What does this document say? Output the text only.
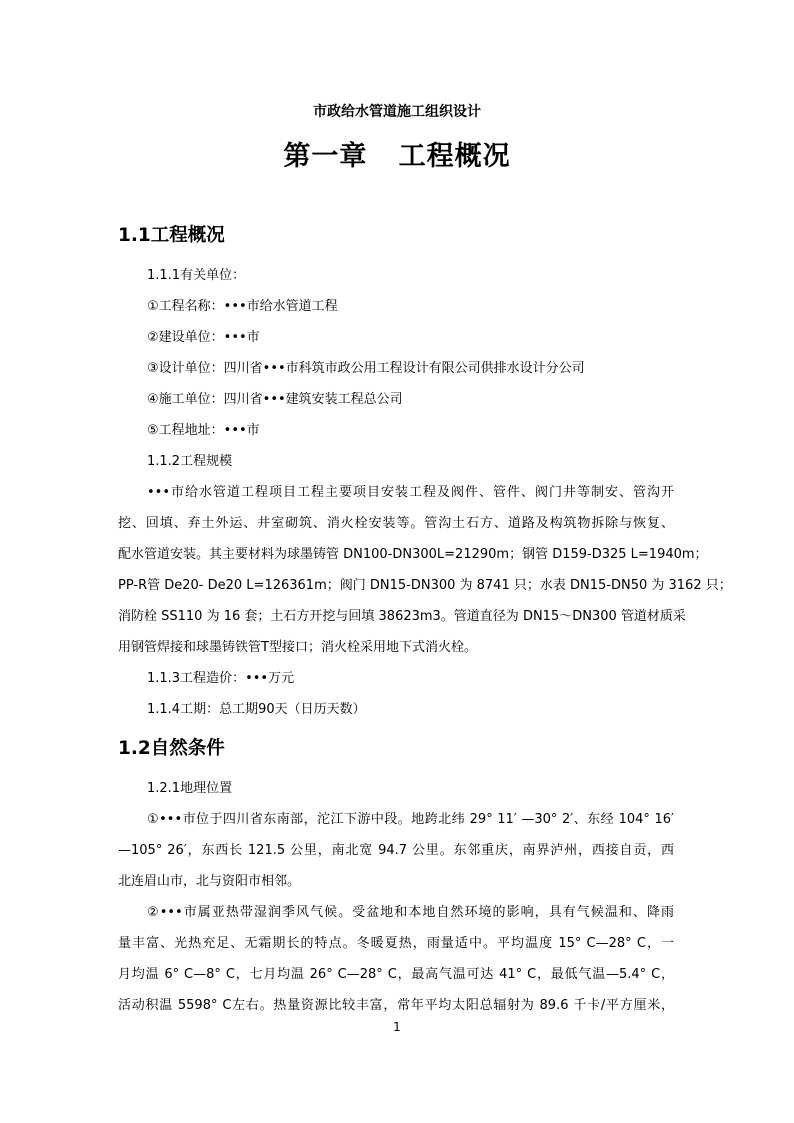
市政给水管道施工组织设计
第一章   工程概况
1.1工程概况
1.1.1有关单位：
①工程名称：•••市给水管道工程
②建设单位：•••市
③设计单位：四川省•••市科筑市政公用工程设计有限公司供排水设计分公司
④施工单位：四川省•••建筑安装工程总公司
⑤工程地址：•••市
1.1.2工程规模
•••市给水管道工程项目工程主要项目安装工程及阀件、管件、阀门井等制安、管沟开
挖、回填、弃土外运、井室砌筑、消火栓安装等。管沟土石方、道路及构筑物拆除与恢复、
配水管道安装。其主要材料为球墨铸管 DN100-DN300L=21290m；钢管 D159-D325 L=1940m；
PP-R管 De20- De20 L=126361m；阀门 DN15-DN300 为 8741 只；水表 DN15-DN50 为 3162 只；
消防栓 SS110 为 16 套；土石方开挖与回填 38623m3。管道直径为 DN15～DN300 管道材质采
用钢管焊接和球墨铸铁管T型接口；消火栓采用地下式消火栓。
1.1.3工程造价：•••万元
1.1.4工期：总工期90天（日历天数）
1.2自然条件
1.2.1地理位置
①•••市位于四川省东南部，沱江下游中段。地跨北纬 29° 11′ —30° 2′、东经 104° 16′
—105° 26′，东西长 121.5 公里，南北宽 94.7 公里。东邻重庆，南界泸州，西接自贡，西
北连眉山市，北与资阳市相邻。
②•••市属亚热带湿润季风气候。受盆地和本地自然环境的影响，具有气候温和、降雨
量丰富、光热充足、无霜期长的特点。冬暖夏热，雨量适中。平均温度 15° C—28° C，一
月均温 6° C—8° C，七月均温 26° C—28° C，最高气温可达 41° C，最低气温—5.4° C，
活动积温 5598° C左右。热量资源比较丰富，常年平均太阳总辐射为 89.6 千卡/平方厘米，
1
